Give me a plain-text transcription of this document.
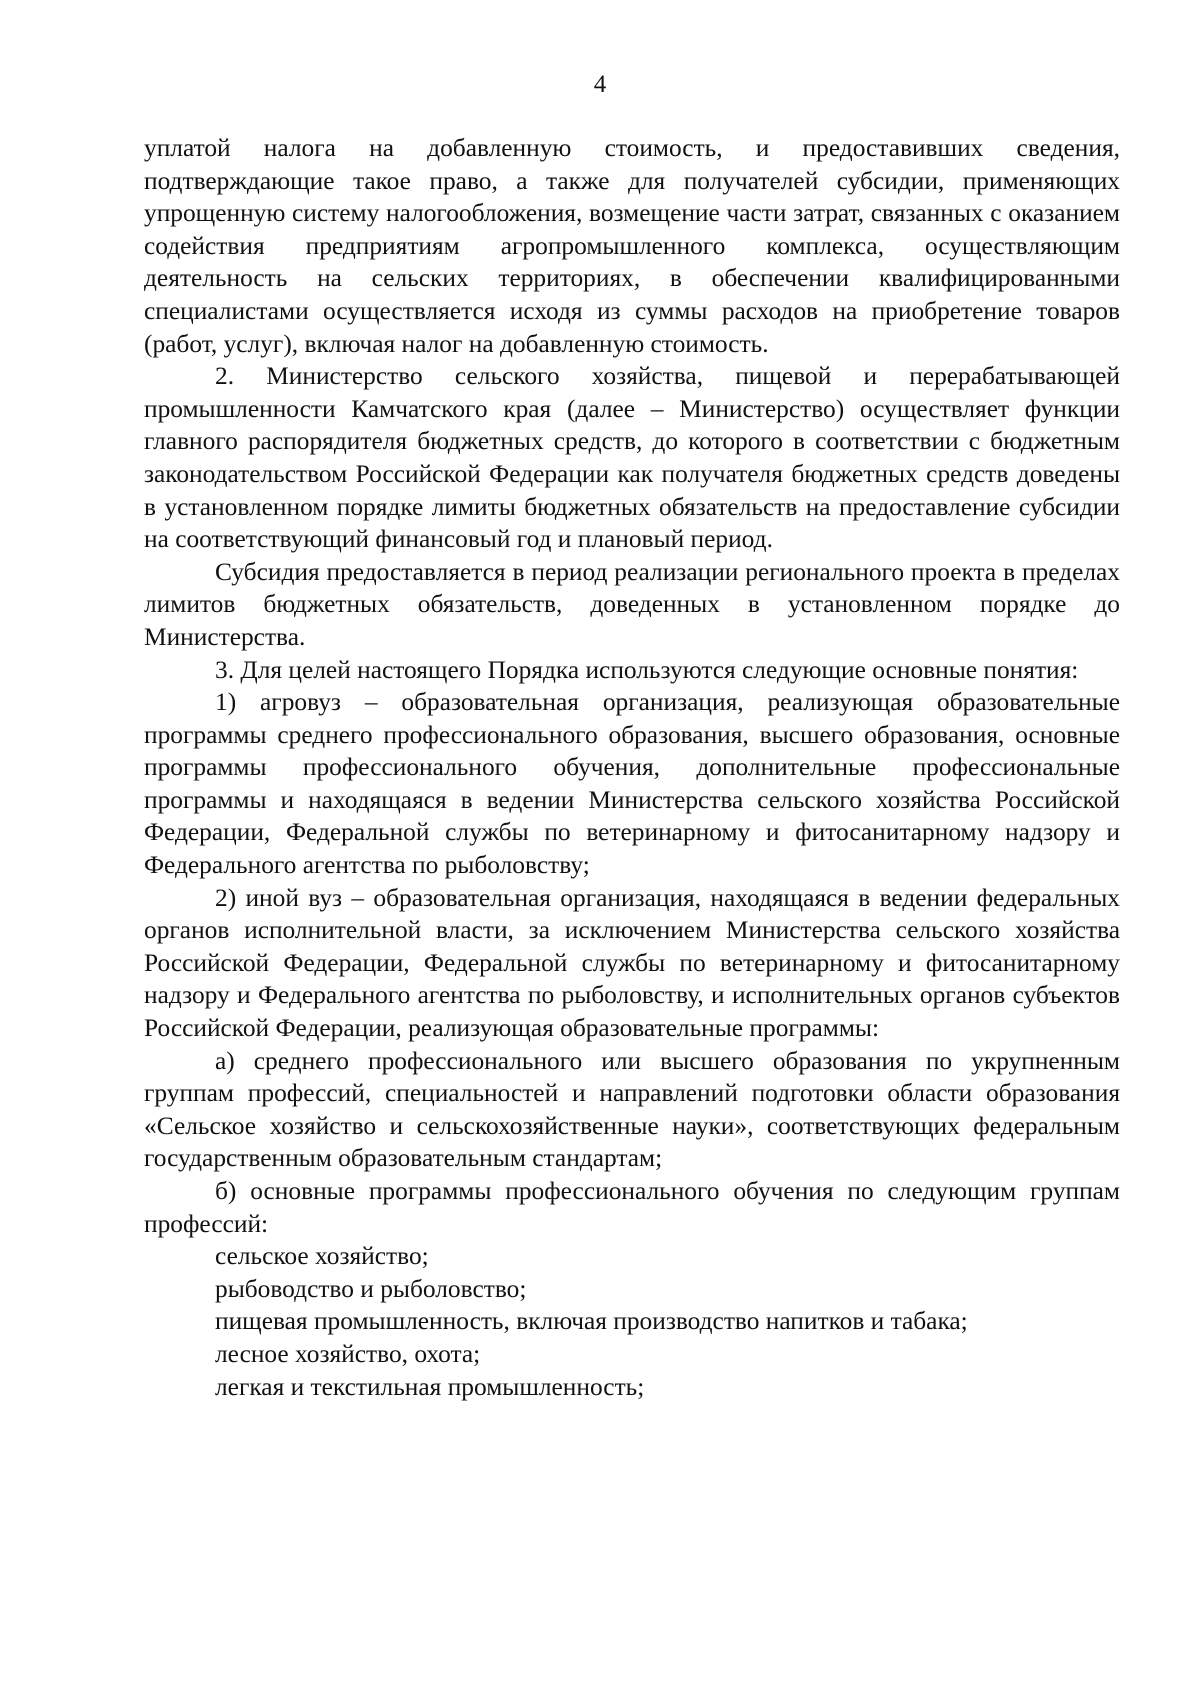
4

уплатой налога на добавленную стоимость, и предоставивших сведения, подтверждающие такое право, а также для получателей субсидии, применяющих упрощенную систему налогообложения, возмещение части затрат, связанных с оказанием содействия предприятиям агропромышленного комплекса, осуществляющим деятельность на сельских территориях, в обеспечении квалифицированными специалистами осуществляется исходя из суммы расходов на приобретение товаров (работ, услуг), включая налог на добавленную стоимость.

2. Министерство сельского хозяйства, пищевой и перерабатывающей промышленности Камчатского края (далее – Министерство) осуществляет функции главного распорядителя бюджетных средств, до которого в соответствии с бюджетным законодательством Российской Федерации как получателя бюджетных средств доведены в установленном порядке лимиты бюджетных обязательств на предоставление субсидии на соответствующий финансовый год и плановый период.

Субсидия предоставляется в период реализации регионального проекта в пределах лимитов бюджетных обязательств, доведенных в установленном порядке до Министерства.

3. Для целей настоящего Порядка используются следующие основные понятия:

1) агровуз – образовательная организация, реализующая образовательные программы среднего профессионального образования, высшего образования, основные программы профессионального обучения, дополнительные профессиональные программы и находящаяся в ведении Министерства сельского хозяйства Российской Федерации, Федеральной службы по ветеринарному и фитосанитарному надзору и Федерального агентства по рыболовству;

2) иной вуз – образовательная организация, находящаяся в ведении федеральных органов исполнительной власти, за исключением Министерства сельского хозяйства Российской Федерации, Федеральной службы по ветеринарному и фитосанитарному надзору и Федерального агентства по рыболовству, и исполнительных органов субъектов Российской Федерации, реализующая образовательные программы:

а) среднего профессионального или высшего образования по укрупненным группам профессий, специальностей и направлений подготовки области образования «Сельское хозяйство и сельскохозяйственные науки», соответствующих федеральным государственным образовательным стандартам;

б) основные программы профессионального обучения по следующим группам профессий:

сельское хозяйство;

рыбоводство и рыболовство;

пищевая промышленность, включая производство напитков и табака;

лесное хозяйство, охота;

легкая и текстильная промышленность;
